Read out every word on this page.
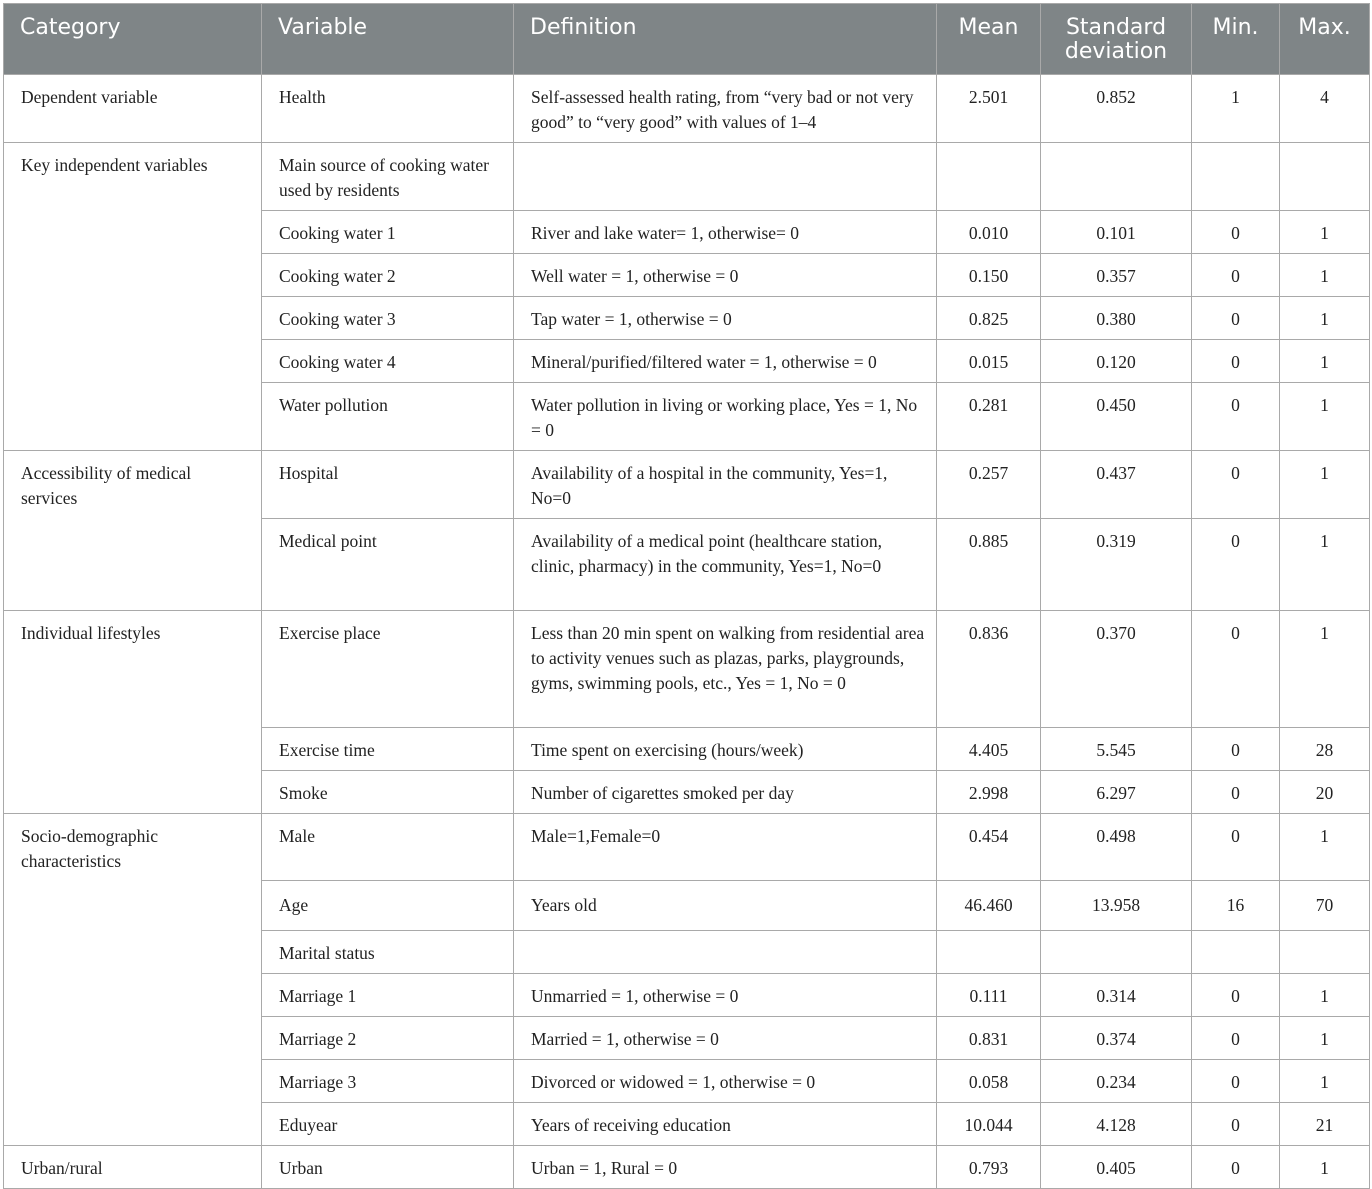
Category	Variable	Definition	Mean	Standard deviation	Min.	Max.
Dependent variable	Health	Self-assessed health rating, from “very bad or not very good” to “very good” with values of 1–4	2.501	0.852	1	4
Key independent variables	Main source of cooking water used by residents					
	Cooking water 1	River and lake water= 1, otherwise= 0	0.010	0.101	0	1
	Cooking water 2	Well water = 1, otherwise = 0	0.150	0.357	0	1
	Cooking water 3	Tap water = 1, otherwise = 0	0.825	0.380	0	1
	Cooking water 4	Mineral/purified/filtered water = 1, otherwise = 0	0.015	0.120	0	1
	Water pollution	Water pollution in living or working place, Yes = 1, No = 0	0.281	0.450	0	1
Accessibility of medical services	Hospital	Availability of a hospital in the community, Yes=1, No=0	0.257	0.437	0	1
	Medical point	Availability of a medical point (healthcare station, clinic, pharmacy) in the community, Yes=1, No=0	0.885	0.319	0	1
Individual lifestyles	Exercise place	Less than 20 min spent on walking from residential area to activity venues such as plazas, parks, playgrounds, gyms, swimming pools, etc., Yes = 1, No = 0	0.836	0.370	0	1
	Exercise time	Time spent on exercising (hours/week)	4.405	5.545	0	28
	Smoke	Number of cigarettes smoked per day	2.998	6.297	0	20
Socio-demographic characteristics	Male	Male=1,Female=0	0.454	0.498	0	1
	Age	Years old	46.460	13.958	16	70
	Marital status					
	Marriage 1	Unmarried = 1, otherwise = 0	0.111	0.314	0	1
	Marriage 2	Married = 1, otherwise = 0	0.831	0.374	0	1
	Marriage 3	Divorced or widowed = 1, otherwise = 0	0.058	0.234	0	1
	Eduyear	Years of receiving education	10.044	4.128	0	21
Urban/rural	Urban	Urban = 1, Rural = 0	0.793	0.405	0	1
